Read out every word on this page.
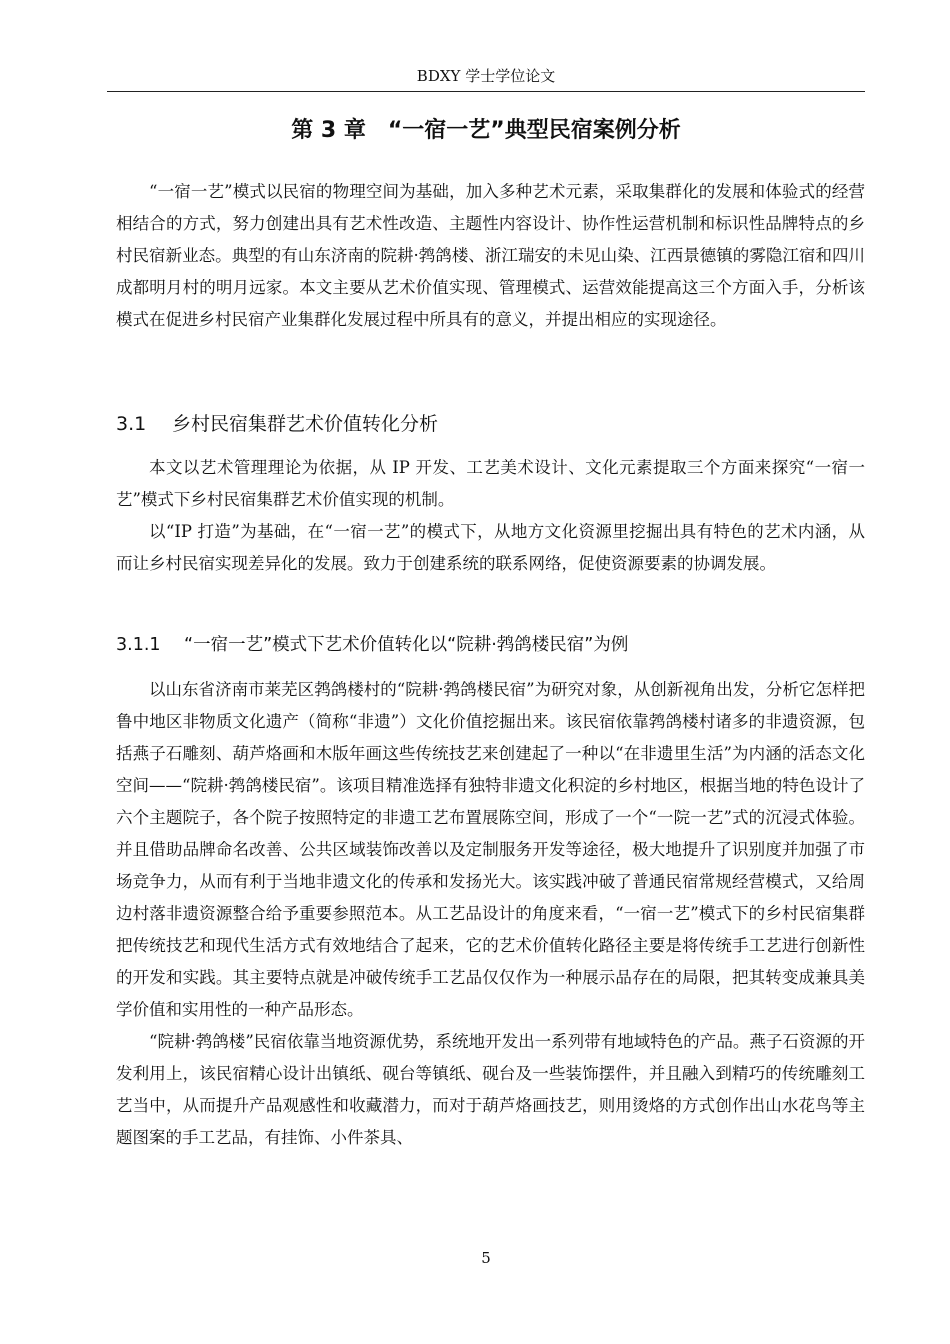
BDXY 学士学位论文
第 3 章　“一宿一艺”典型民宿案例分析

“一宿一艺”模式以民宿的物理空间为基础，加入多种艺术元素，采取集群化的发展和体验式的经营相结合的方式，努力创建出具有艺术性改造、主题性内容设计、协作性运营机制和标识性品牌特点的乡村民宿新业态。典型的有山东济南的院耕·鹁鸽楼、浙江瑞安的未见山染、江西景德镇的雾隐江宿和四川成都明月村的明月远家。本文主要从艺术价值实现、管理模式、运营效能提高这三个方面入手，分析该模式在促进乡村民宿产业集群化发展过程中所具有的意义，并提出相应的实现途径。

3.1 乡村民宿集群艺术价值转化分析

本文以艺术管理理论为依据，从 IP 开发、工艺美术设计、文化元素提取三个方面来探究“一宿一艺”模式下乡村民宿集群艺术价值实现的机制。

以“IP 打造”为基础，在“一宿一艺”的模式下，从地方文化资源里挖掘出具有特色的艺术内涵，从而让乡村民宿实现差异化的发展。致力于创建系统的联系网络，促使资源要素的协调发展。

3.1.1 “一宿一艺”模式下艺术价值转化以“院耕·鹁鸽楼民宿”为例

以山东省济南市莱芜区鹁鸽楼村的“院耕·鹁鸽楼民宿”为研究对象，从创新视角出发，分析它怎样把鲁中地区非物质文化遗产（简称“非遗”）文化价值挖掘出来。该民宿依靠鹁鸽楼村诸多的非遗资源，包括燕子石雕刻、葫芦烙画和木版年画这些传统技艺来创建起了一种以“在非遗里生活”为内涵的活态文化空间——“院耕·鹁鸽楼民宿”。该项目精准选择有独特非遗文化积淀的乡村地区，根据当地的特色设计了六个主题院子，各个院子按照特定的非遗工艺布置展陈空间，形成了一个“一院一艺”式的沉浸式体验。并且借助品牌命名改善、公共区域装饰改善以及定制服务开发等途径，极大地提升了识别度并加强了市场竞争力，从而有利于当地非遗文化的传承和发扬光大。该实践冲破了普通民宿常规经营模式，又给周边村落非遗资源整合给予重要参照范本。从工艺品设计的角度来看，“一宿一艺”模式下的乡村民宿集群把传统技艺和现代生活方式有效地结合了起来，它的艺术价值转化路径主要是将传统手工艺进行创新性的开发和实践。其主要特点就是冲破传统手工艺品仅仅作为一种展示品存在的局限，把其转变成兼具美学价值和实用性的一种产品形态。

“院耕·鹁鸽楼”民宿依靠当地资源优势，系统地开发出一系列带有地域特色的产品。燕子石资源的开发利用上，该民宿精心设计出镇纸、砚台等镇纸、砚台及一些装饰摆件，并且融入到精巧的传统雕刻工艺当中，从而提升产品观感性和收藏潜力，而对于葫芦烙画技艺，则用烫烙的方式创作出山水花鸟等主题图案的手工艺品，有挂饰、小件茶具、

5
